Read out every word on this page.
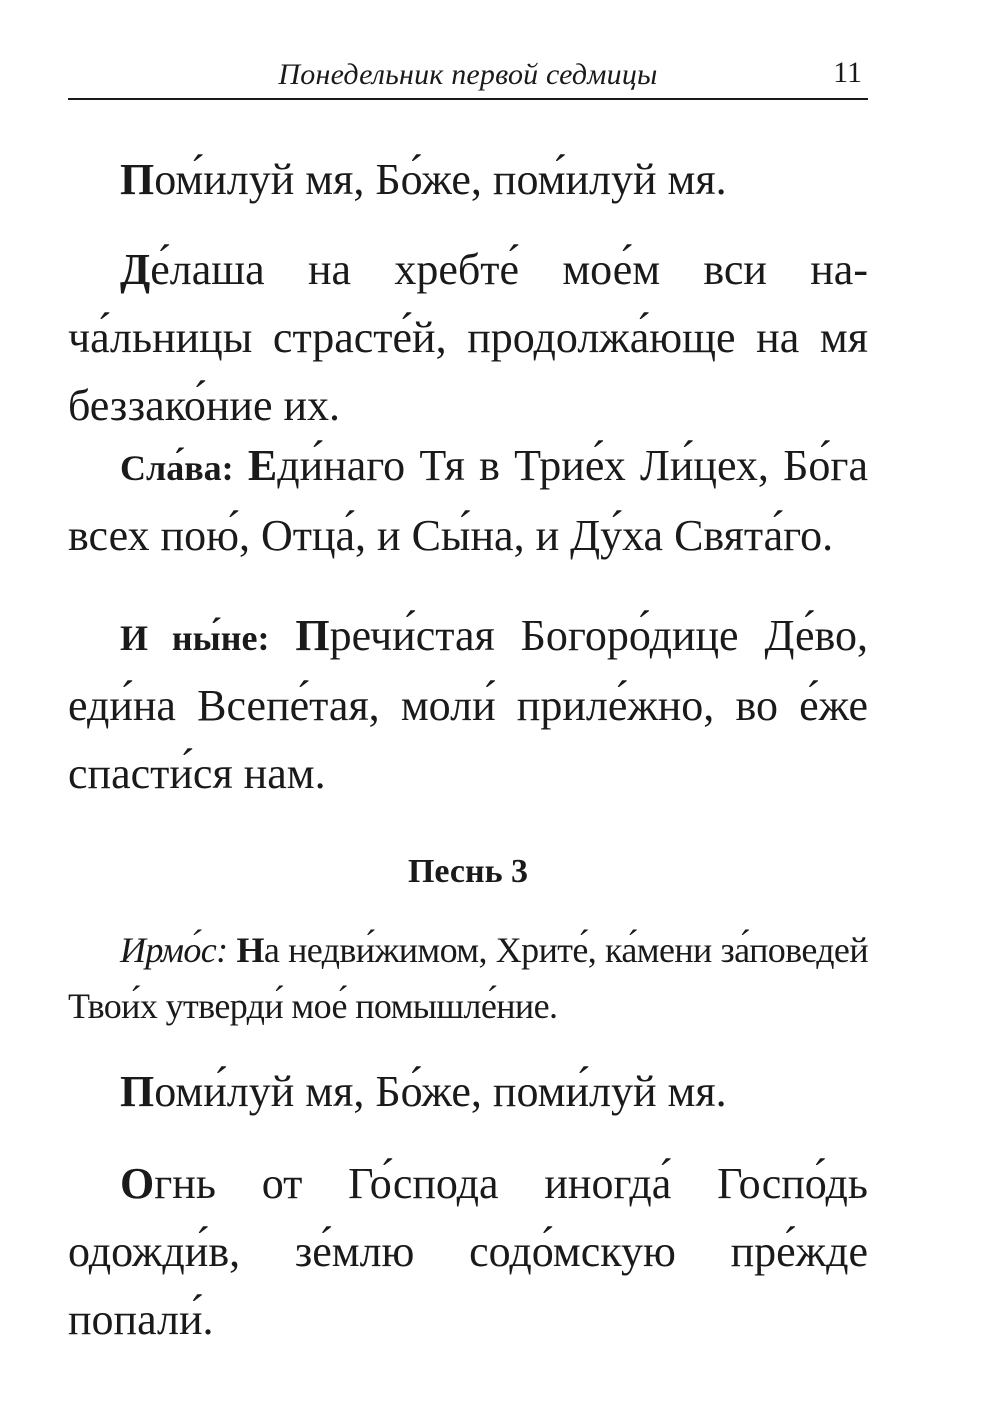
Понедельник первой седмицы	11

Пом́илуй мя, Бо́же, пом́илуй мя.

Де́лаша на хребте́ мое́м вси нача́льницы страсте́й, продолжа́юще на мя беззако́ние их.

Сла́ва: Еди́наго Тя в Трие́х Ли́цех, Бо́га всех пою́, Отца́, и Сы́на, и Ду́ха Свята́го.

И ны́не: Пречи́стая Богоро́дице Де́во, еди́на Всепе́тая, моли́ приле́жно, во е́же спасти́ся нам.

Песнь 3

Ирмо́с: На недви́жимом, Хрите́, ка́мени за́поведей Твои́х утверди́ мое́ помышле́ние.

Поми́луй мя, Бо́же, поми́луй мя.

Огнь от Го́спода иногда́ Госпо́дь одожди́в, зе́млю содо́мскую пре́жде попали́.
